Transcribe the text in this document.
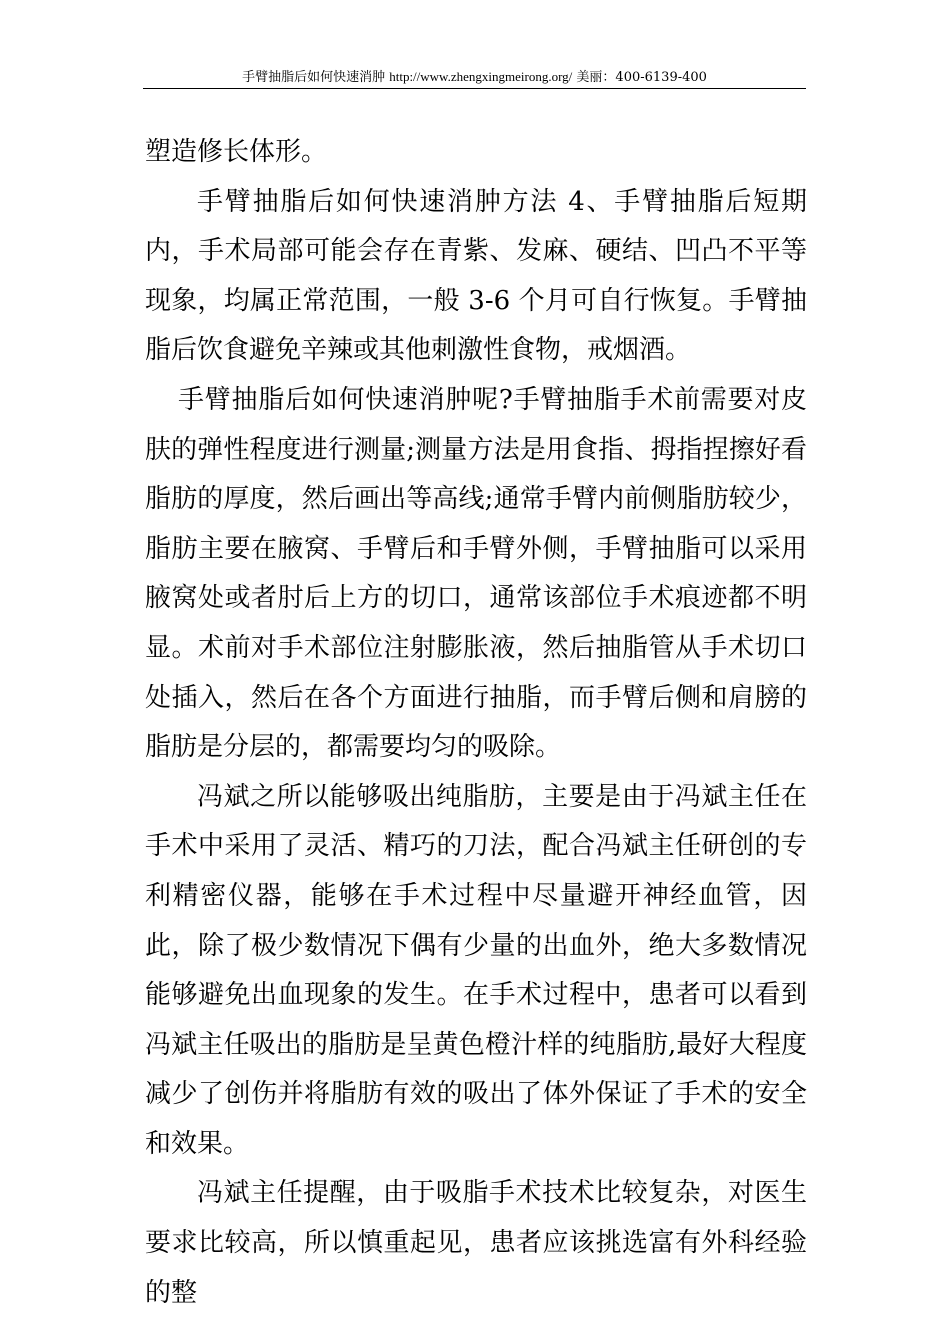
手臂抽脂后如何快速消肿 http://www.zhengxingmeirong.org/ 美丽：400-6139-400

塑造修长体形。

手臂抽脂后如何快速消肿方法 4、手臂抽脂后短期内，手术局部可能会存在青紫、发麻、硬结、凹凸不平等现象，均属正常范围，一般 3-6 个月可自行恢复。手臂抽脂后饮食避免辛辣或其他刺激性食物，戒烟酒。

手臂抽脂后如何快速消肿呢?手臂抽脂手术前需要对皮肤的弹性程度进行测量;测量方法是用食指、拇指捏擦好看脂肪的厚度，然后画出等高线;通常手臂内前侧脂肪较少，脂肪主要在腋窝、手臂后和手臂外侧，手臂抽脂可以采用腋窝处或者肘后上方的切口，通常该部位手术痕迹都不明显。术前对手术部位注射膨胀液，然后抽脂管从手术切口处插入，然后在各个方面进行抽脂，而手臂后侧和肩膀的脂肪是分层的，都需要均匀的吸除。

冯斌之所以能够吸出纯脂肪，主要是由于冯斌主任在手术中采用了灵活、精巧的刀法，配合冯斌主任研创的专利精密仪器，能够在手术过程中尽量避开神经血管，因此，除了极少数情况下偶有少量的出血外，绝大多数情况能够避免出血现象的发生。在手术过程中，患者可以看到冯斌主任吸出的脂肪是呈黄色橙汁样的纯脂肪,最好大程度减少了创伤并将脂肪有效的吸出了体外保证了手术的安全和效果。

冯斌主任提醒，由于吸脂手术技术比较复杂，对医生要求比较高，所以慎重起见，患者应该挑选富有外科经验的整
